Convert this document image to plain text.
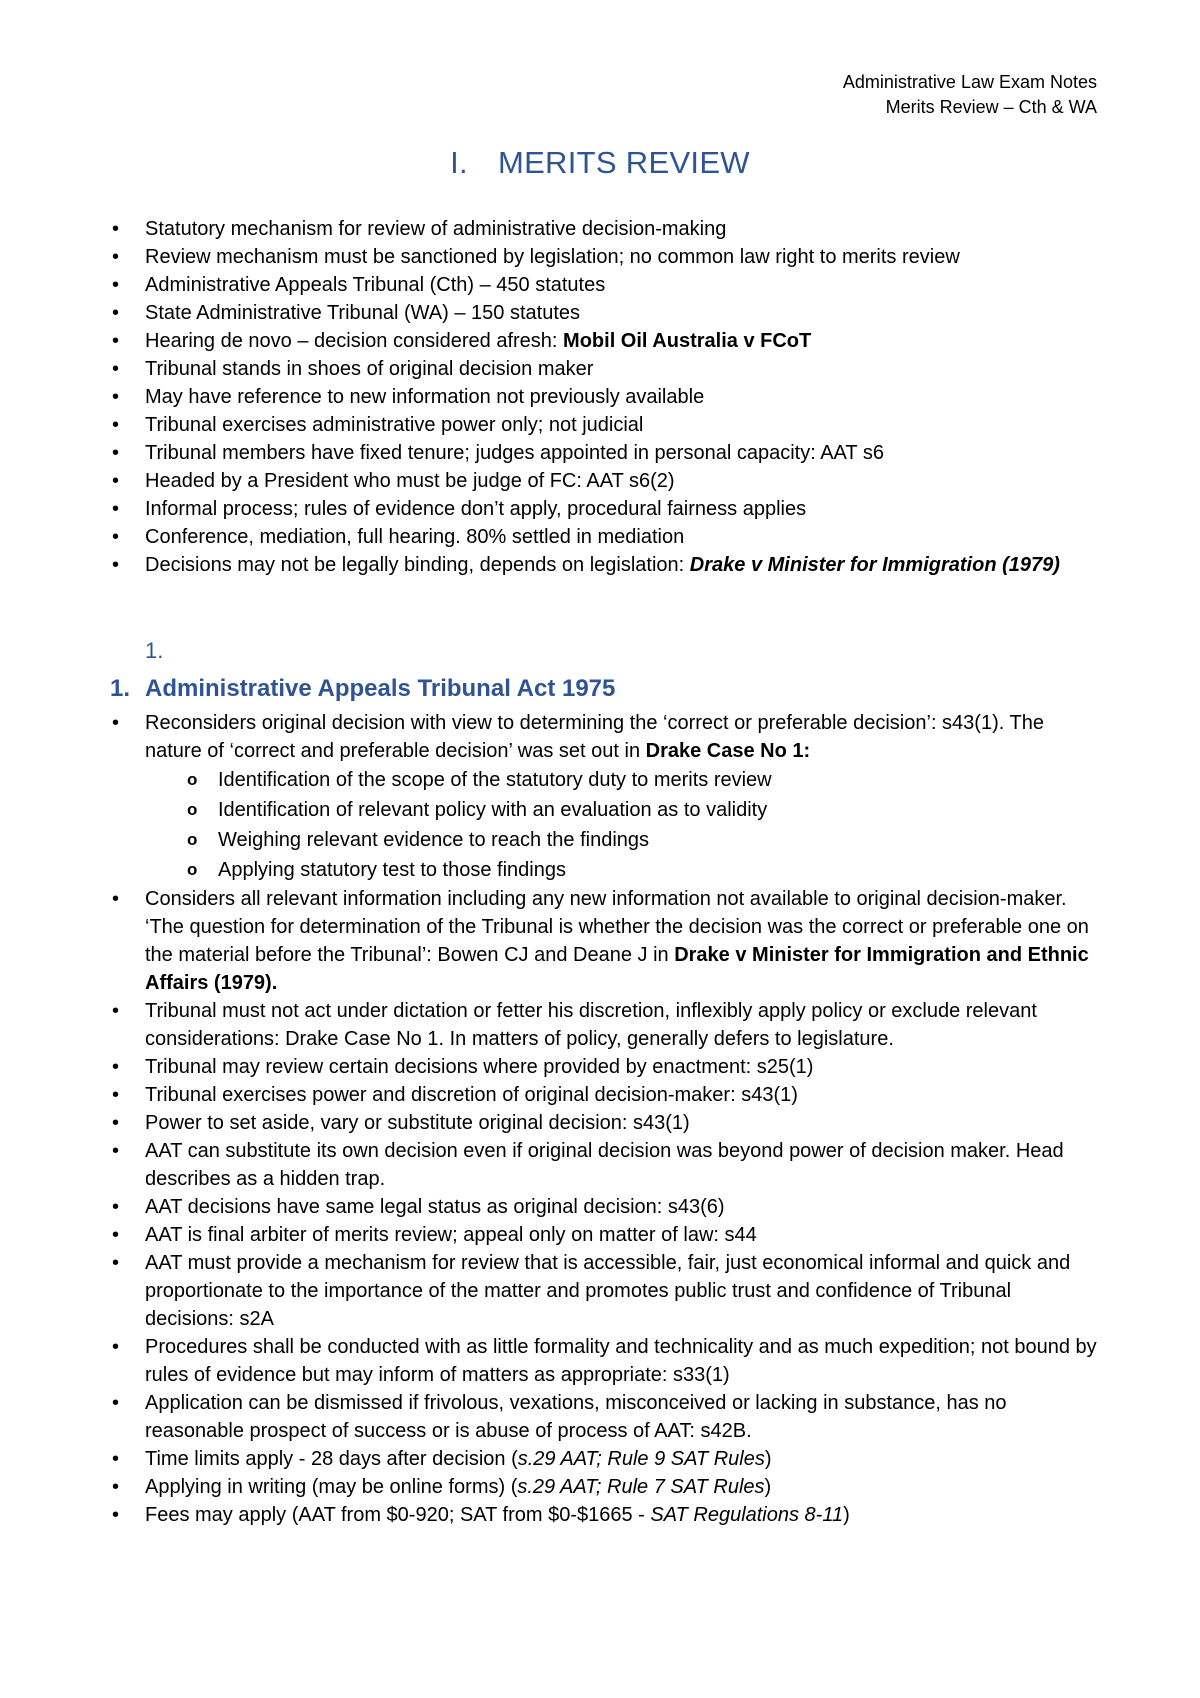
Administrative Law Exam Notes
Merits Review – Cth & WA
I. MERITS REVIEW
• Statutory mechanism for review of administrative decision-making
• Review mechanism must be sanctioned by legislation; no common law right to merits review
• Administrative Appeals Tribunal (Cth) – 450 statutes
• State Administrative Tribunal (WA) – 150 statutes
• Hearing de novo – decision considered afresh: Mobil Oil Australia v FCoT
• Tribunal stands in shoes of original decision maker
• May have reference to new information not previously available
• Tribunal exercises administrative power only; not judicial
• Tribunal members have fixed tenure; judges appointed in personal capacity: AAT s6
• Headed by a President who must be judge of FC: AAT s6(2)
• Informal process; rules of evidence don’t apply, procedural fairness applies
• Conference, mediation, full hearing. 80% settled in mediation
• Decisions may not be legally binding, depends on legislation: Drake v Minister for Immigration (1979)
1.
1. Administrative Appeals Tribunal Act 1975
• Reconsiders original decision with view to determining the ‘correct or preferable decision’: s43(1). The nature of ‘correct and preferable decision’ was set out in Drake Case No 1:
o Identification of the scope of the statutory duty to merits review
o Identification of relevant policy with an evaluation as to validity
o Weighing relevant evidence to reach the findings
o Applying statutory test to those findings
• Considers all relevant information including any new information not available to original decision-maker. ‘The question for determination of the Tribunal is whether the decision was the correct or preferable one on the material before the Tribunal’: Bowen CJ and Deane J in Drake v Minister for Immigration and Ethnic Affairs (1979).
• Tribunal must not act under dictation or fetter his discretion, inflexibly apply policy or exclude relevant considerations: Drake Case No 1. In matters of policy, generally defers to legislature.
• Tribunal may review certain decisions where provided by enactment: s25(1)
• Tribunal exercises power and discretion of original decision-maker: s43(1)
• Power to set aside, vary or substitute original decision: s43(1)
• AAT can substitute its own decision even if original decision was beyond power of decision maker. Head describes as a hidden trap.
• AAT decisions have same legal status as original decision: s43(6)
• AAT is final arbiter of merits review; appeal only on matter of law: s44
• AAT must provide a mechanism for review that is accessible, fair, just economical informal and quick and proportionate to the importance of the matter and promotes public trust and confidence of Tribunal decisions: s2A
• Procedures shall be conducted with as little formality and technicality and as much expedition; not bound by rules of evidence but may inform of matters as appropriate: s33(1)
• Application can be dismissed if frivolous, vexations, misconceived or lacking in substance, has no reasonable prospect of success or is abuse of process of AAT: s42B.
• Time limits apply - 28 days after decision (s.29 AAT; Rule 9 SAT Rules)
• Applying in writing (may be online forms) (s.29 AAT; Rule 7 SAT Rules)
• Fees may apply (AAT from $0-920; SAT from $0-$1665 - SAT Regulations 8-11)
